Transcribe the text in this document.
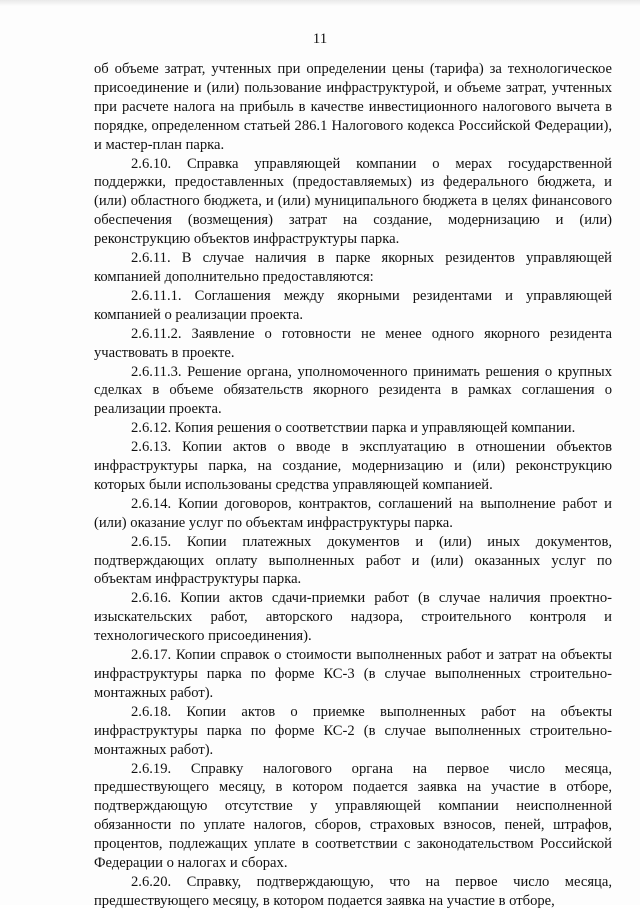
11

об объеме затрат, учтенных при определении цены (тарифа) за технологическое присоединение и (или) пользование инфраструктурой, и объеме затрат, учтенных при расчете налога на прибыль в качестве инвестиционного налогового вычета в порядке, определенном статьей 286.1 Налогового кодекса Российской Федерации), и мастер-план парка.

2.6.10. Справка управляющей компании о мерах государственной поддержки, предоставленных (предоставляемых) из федерального бюджета, и (или) областного бюджета, и (или) муниципального бюджета в целях финансового обеспечения (возмещения) затрат на создание, модернизацию и (или) реконструкцию объектов инфраструктуры парка.

2.6.11. В случае наличия в парке якорных резидентов управляющей компанией дополнительно предоставляются:

2.6.11.1. Соглашения между якорными резидентами и управляющей компанией о реализации проекта.

2.6.11.2. Заявление о готовности не менее одного якорного резидента участвовать в проекте.

2.6.11.3. Решение органа, уполномоченного принимать решения о крупных сделках в объеме обязательств якорного резидента в рамках соглашения о реализации проекта.

2.6.12. Копия решения о соответствии парка и управляющей компании.

2.6.13. Копии актов о вводе в эксплуатацию в отношении объектов инфраструктуры парка, на создание, модернизацию и (или) реконструкцию которых были использованы средства управляющей компанией.

2.6.14. Копии договоров, контрактов, соглашений на выполнение работ и (или) оказание услуг по объектам инфраструктуры парка.

2.6.15. Копии платежных документов и (или) иных документов, подтверждающих оплату выполненных работ и (или) оказанных услуг по объектам инфраструктуры парка.

2.6.16. Копии актов сдачи-приемки работ (в случае наличия проектно-изыскательских работ, авторского надзора, строительного контроля и технологического присоединения).

2.6.17. Копии справок о стоимости выполненных работ и затрат на объекты инфраструктуры парка по форме КС-3 (в случае выполненных строительно-монтажных работ).

2.6.18. Копии актов о приемке выполненных работ на объекты инфраструктуры парка по форме КС-2 (в случае выполненных строительно-монтажных работ).

2.6.19. Справку налогового органа на первое число месяца, предшествующего месяцу, в котором подается заявка на участие в отборе, подтверждающую отсутствие у управляющей компании неисполненной обязанности по уплате налогов, сборов, страховых взносов, пеней, штрафов, процентов, подлежащих уплате в соответствии с законодательством Российской Федерации о налогах и сборах.

2.6.20. Справку, подтверждающую, что на первое число месяца, предшествующего месяцу, в котором подается заявка на участие в отборе,
